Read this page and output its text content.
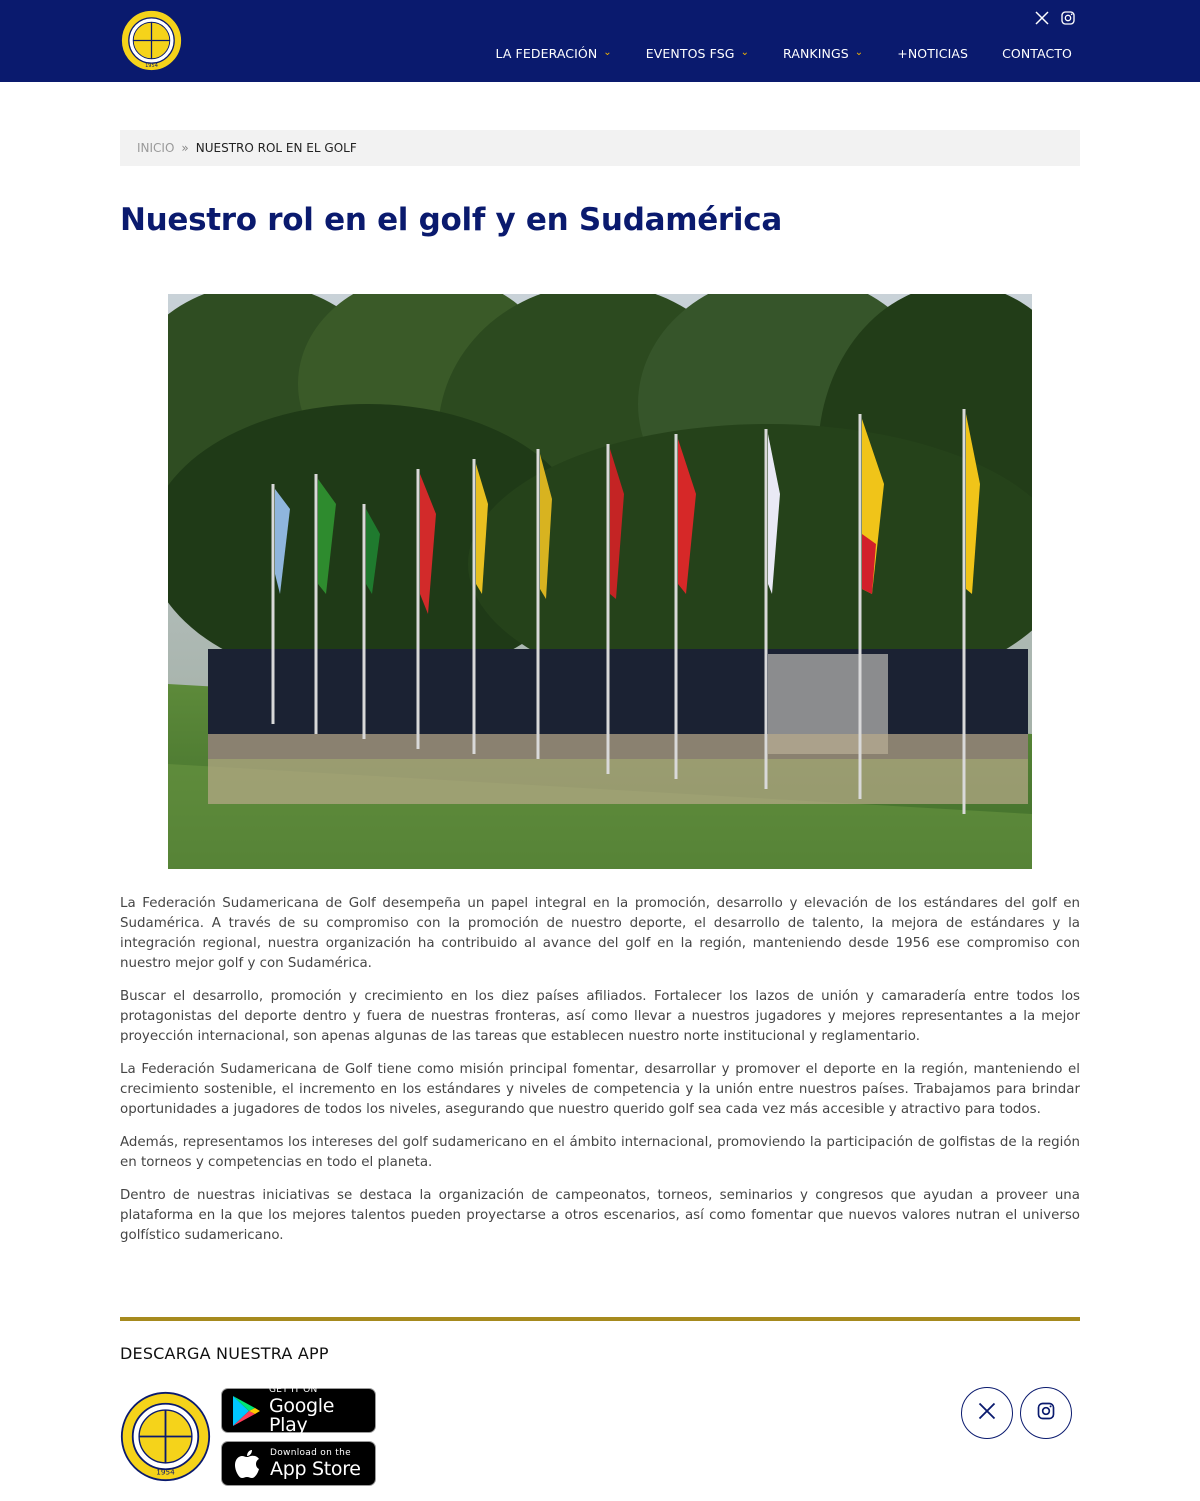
1954
LA FEDERACIÓN ⌄	EVENTOS FSG ⌄	RANKINGS ⌄	+NOTICIAS	CONTACTO
INICIO » NUESTRO ROL EN EL GOLF
Nuestro rol en el golf y en Sudamérica

La Federación Sudamericana de Golf desempeña un papel integral en la promoción, desarrollo y elevación de los estándares del golf en Sudamérica. A través de su compromiso con la promoción de nuestro deporte, el desarrollo de talento, la mejora de estándares y la integración regional, nuestra organización ha contribuido al avance del golf en la región, manteniendo desde 1956 ese compromiso con nuestro mejor golf y con Sudamérica.

Buscar el desarrollo, promoción y crecimiento en los diez países afiliados. Fortalecer los lazos de unión y camaradería entre todos los protagonistas del deporte dentro y fuera de nuestras fronteras, así como llevar a nuestros jugadores y mejores representantes a la mejor proyección internacional, son apenas algunas de las tareas que establecen nuestro norte institucional y reglamentario.

La Federación Sudamericana de Golf tiene como misión principal fomentar, desarrollar y promover el deporte en la región, manteniendo el crecimiento sostenible, el incremento en los estándares y niveles de competencia y la unión entre nuestros países. Trabajamos para brindar oportunidades a jugadores de todos los niveles, asegurando que nuestro querido golf sea cada vez más accesible y atractivo para todos.

Además, representamos los intereses del golf sudamericano en el ámbito internacional, promoviendo la participación de golfistas de la región en torneos y competencias en todo el planeta.

Dentro de nuestras iniciativas se destaca la organización de campeonatos, torneos, seminarios y congresos que ayudan a proveer una plataforma en la que los mejores talentos pueden proyectarse a otros escenarios, así como fomentar que nuevos valores nutran el universo golfístico sudamericano.

DESCARGA NUESTRA APP
1954
GET IT ON
Google Play
Download on the
App Store
